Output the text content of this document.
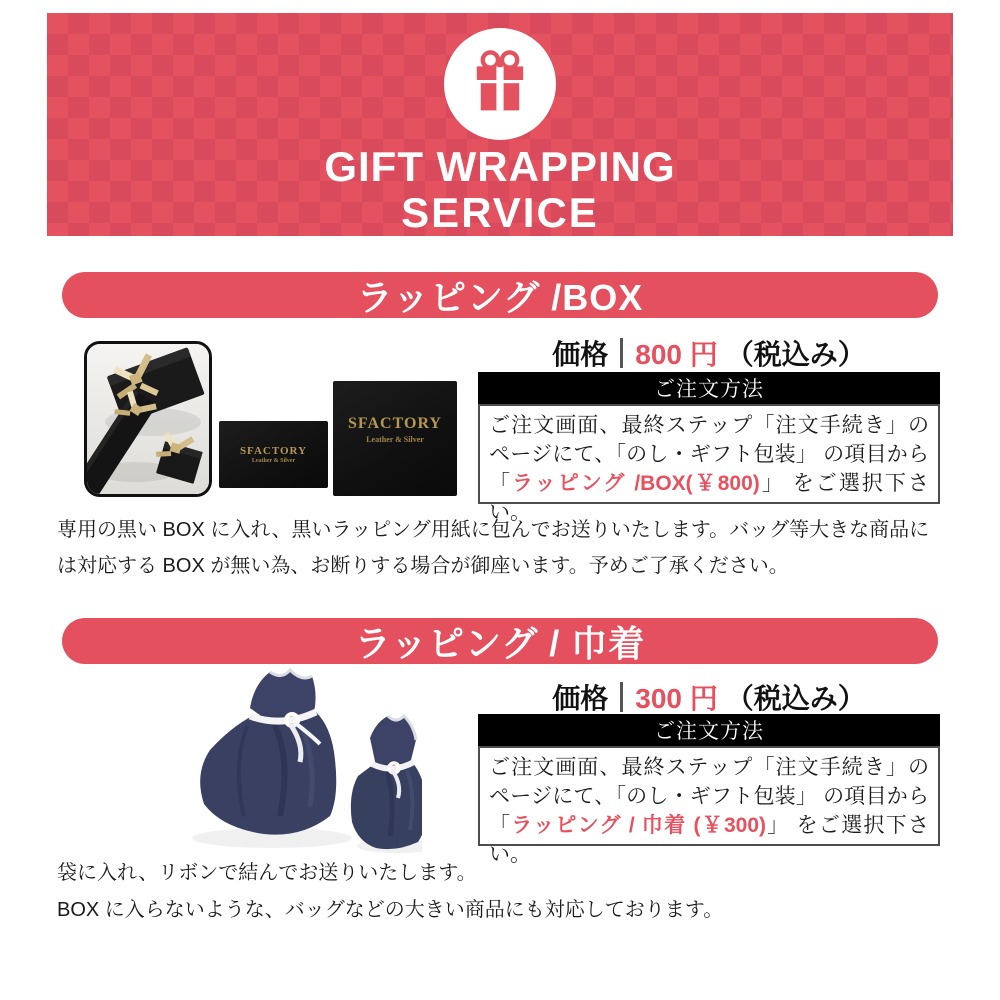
GIFT WRAPPING
SERVICE
ラッピング /BOX
SFACTORY
Leather & Silver
SFACTORY
Leather & Silver
価格 800 円 （税込み）
ご注文方法
ご注文画面、最終ステップ「注文手続き」のページにて、「のし・ギフト包装」 の項目から「ラッピング /BOX(￥800)」 をご選択下さい。

専用の黒い BOX に入れ、黒いラッピング用紙に包んでお送りいたします。バッグ等大きな商品には対応する BOX が無い為、お断りする場合が御座います。予めご了承ください。

ラッピング / 巾着
価格 300 円 （税込み）
ご注文方法
ご注文画面、最終ステップ「注文手続き」のページにて、「のし・ギフト包装」 の項目から「ラッピング / 巾着 (￥300)」 をご選択下さい。

袋に入れ、リボンで結んでお送りいたします。

BOX に入らないような、バッグなどの大きい商品にも対応しております。
